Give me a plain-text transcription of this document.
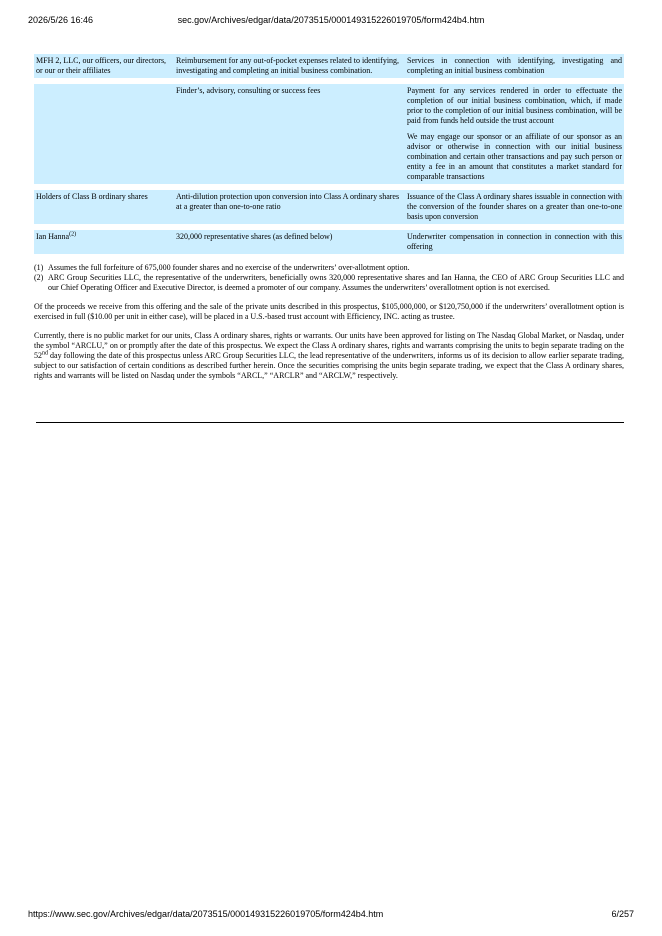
2026/5/26 16:46	sec.gov/Archives/edgar/data/2073515/000149315226019705/form424b4.htm
MFH 2, LLC, our officers, our directors, or our or their affiliates	Reimbursement for any out-of-pocket expenses related to identifying, investigating and completing an initial business combination.	Services in connection with identifying, investigating and completing an initial business combination

	Finder’s, advisory, consulting or success fees	Payment for any services rendered in order to effectuate the completion of our initial business combination, which, if made prior to the completion of our initial business combination, will be paid from funds held outside the trust account
We may engage our sponsor or an affiliate of our sponsor as an advisor or otherwise in connection with our initial business combination and certain other transactions and pay such person or entity a fee in an amount that constitutes a market standard for comparable transactions

Holders of Class B ordinary shares	Anti-dilution protection upon conversion into Class A ordinary shares at a greater than one-to-one ratio	Issuance of the Class A ordinary shares issuable in connection with the conversion of the founder shares on a greater than one-to-one basis upon conversion

Ian Hanna$^{(2)}$	320,000 representative shares (as defined below)	Underwriter compensation in connection in connection with this offering
(1) Assumes the full forfeiture of 675,000 founder shares and no exercise of the underwriters’ over-allotment option.
(2) ARC Group Securities LLC, the representative of the underwriters, beneficially owns 320,000 representative shares and Ian Hanna, the CEO of ARC Group Securities LLC and our Chief Operating Officer and Executive Director, is deemed a promoter of our company. Assumes the underwriters’ overallotment option is not exercised.

Of the proceeds we receive from this offering and the sale of the private units described in this prospectus, $105,000,000, or $120,750,000 if the underwriters’ overallotment option is exercised in full ($10.00 per unit in either case), will be placed in a U.S.-based trust account with Efficiency, INC. acting as trustee.

Currently, there is no public market for our units, Class A ordinary shares, rights or warrants. Our units have been approved for listing on The Nasdaq Global Market, or Nasdaq, under the symbol “ARCLU,” on or promptly after the date of this prospectus. We expect the Class A ordinary shares, rights and warrants comprising the units to begin separate trading on the 52nd day following the date of this prospectus unless ARC Group Securities LLC, the lead representative of the underwriters, informs us of its decision to allow earlier separate trading, subject to our satisfaction of certain conditions as described further herein. Once the securities comprising the units begin separate trading, we expect that the Class A ordinary shares, rights and warrants will be listed on Nasdaq under the symbols “ARCL,” “ARCLR” and “ARCLW,” respectively.

https://www.sec.gov/Archives/edgar/data/2073515/000149315226019705/form424b4.htm	6/257
